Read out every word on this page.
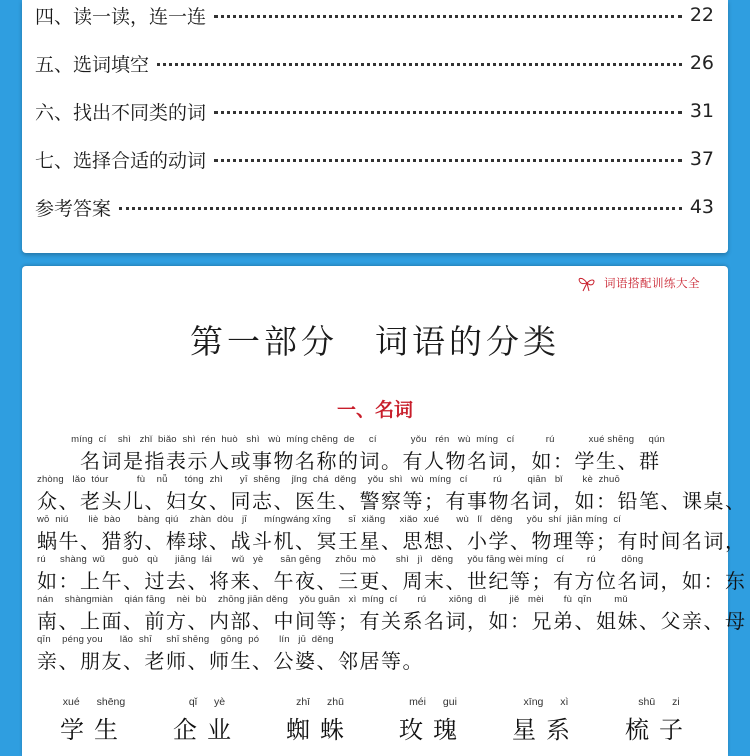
四、读一读，连一连	22
五、选词填空	26
六、找出不同类的词	31
七、选择合适的动词	37
参考答案	43
词语搭配训练大全
第一部分　词语的分类
一、名词
míng  cí    shì   zhǐ  biǎo  shì  rén  huò   shì   wù  míng chēng  de     cí            yǒu   rén   wù  míng   cí           rú            xué shēng     qún
　　名词是指表示人或事物名称的词。有人物名词，如：学生、群
zhòng   lǎo  tóur          fù    nǚ      tóng  zhì      yī  shēng    jǐng  chá  děng    yǒu  shì   wù  míng   cí         rú         qiān   bǐ       kè  zhuō
众、老头儿、妇女、同志、医生、警察等；有事物名词，如：铅笔、课桌、
wō  niú       liè  bào      bàng  qiú    zhàn  dòu   jī      míngwáng xīng      sī  xiǎng     xiǎo  xué      wù   lǐ   děng     yǒu  shí  jiān míng  cí
蜗牛、猎豹、棒球、战斗机、冥王星、思想、小学、物理等；有时间名词，
rú     shàng  wǔ      guò   qù      jiāng  lái       wǔ   yè      sān gēng     zhōu  mò       shì   jì   děng     yǒu fāng wèi míng   cí        rú         dōng
如：上午、过去、将来、午夜、三更、周末、世纪等；有方位名词，如：东
nán    shàngmiàn    qián fāng    nèi  bù    zhōng jiān děng    yǒu guān   xì  míng  cí       rú        xiōng  dì        jiě   mèi       fù  qīn        mǔ
南、上面、前方、内部、中间等；有关系名词，如：兄弟、姐妹、父亲、母
qīn    péng you      lǎo  shī     shī shēng    gōng  pó       lín   jū  děng
亲、朋友、老师、师生、公婆、邻居等。
xué shēng
学生
qǐ yè
企业
zhī zhū
蜘蛛
méi gui
玫瑰
xīng xì
星系
shū zi
梳子
